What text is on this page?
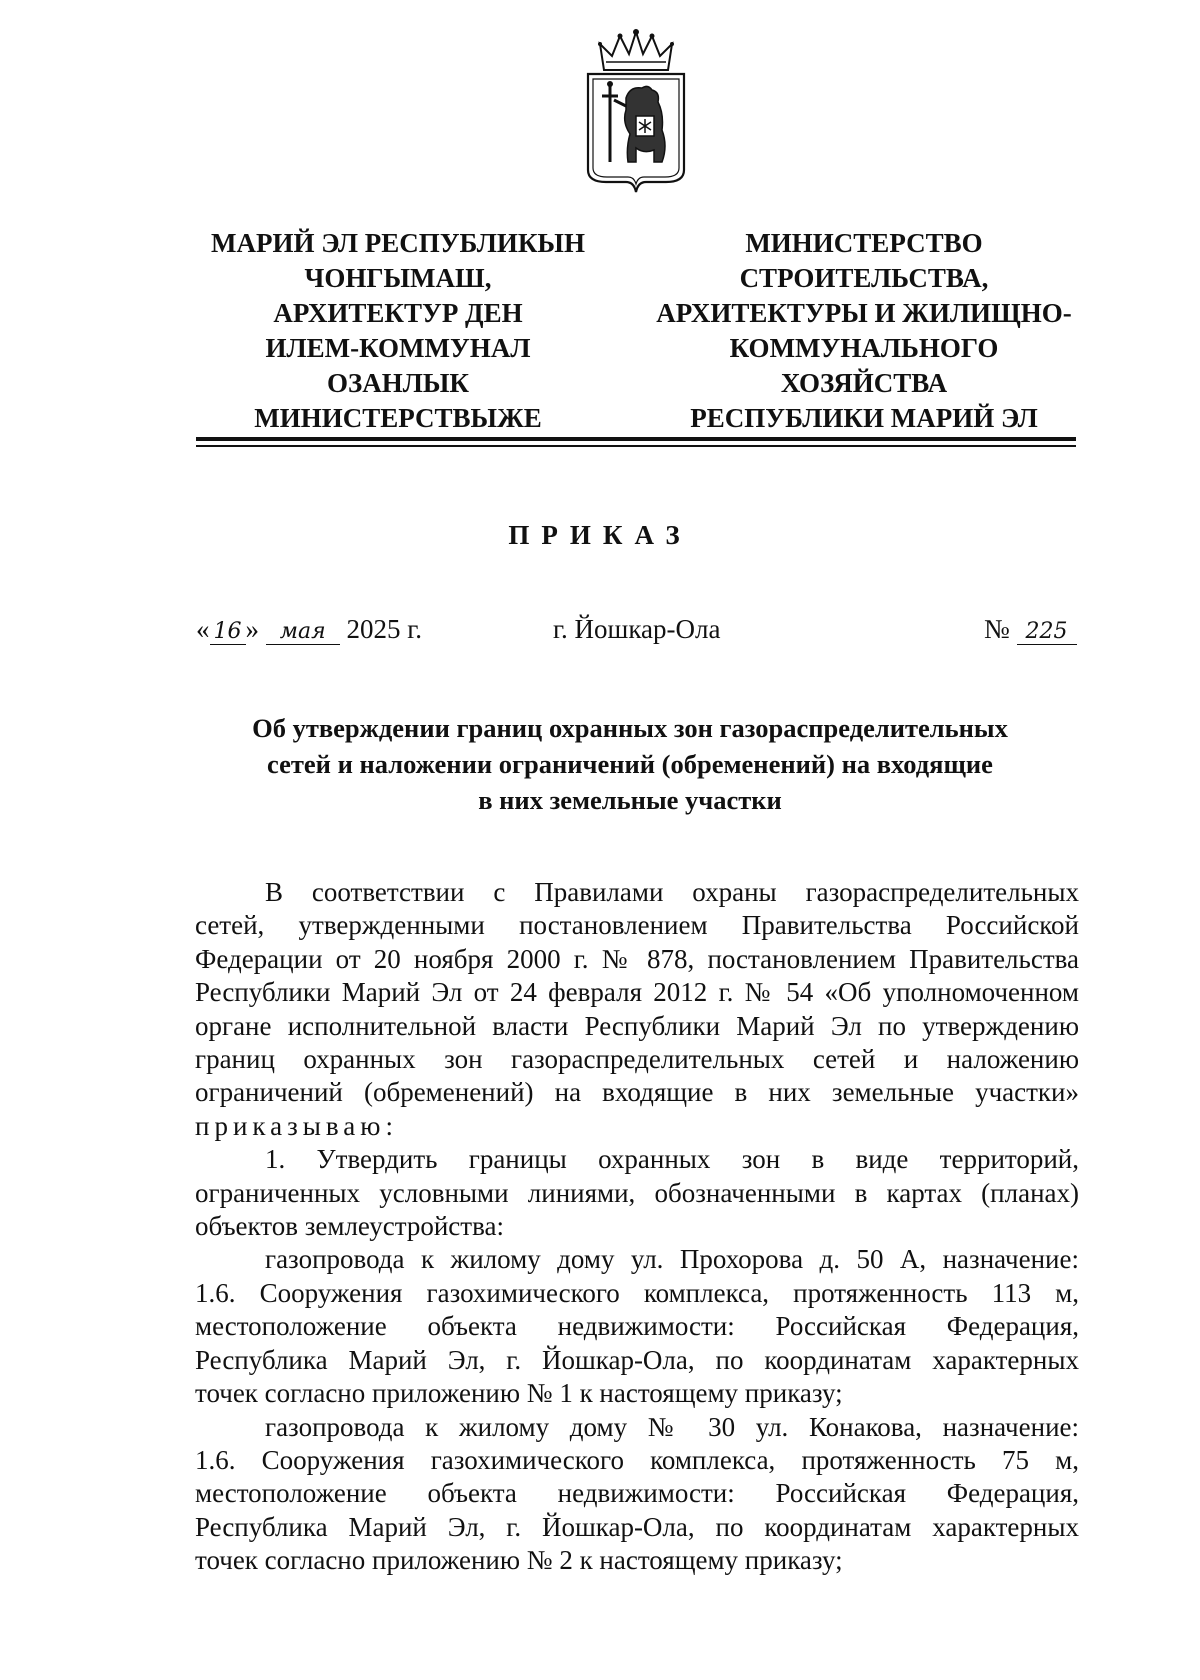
МАРИЙ ЭЛ РЕСПУБЛИКЫН
ЧОНГЫМАШ,
АРХИТЕКТУР ДЕН
ИЛЕМ-КОММУНАЛ
ОЗАНЛЫК
МИНИСТЕРСТВЫЖЕ
МИНИСТЕРСТВО
СТРОИТЕЛЬСТВА,
АРХИТЕКТУРЫ И ЖИЛИЩНО-
КОММУНАЛЬНОГО
ХОЗЯЙСТВА
РЕСПУБЛИКИ МАРИЙ ЭЛ
ПРИКАЗ
« 16 » мая 2025 г.	г. Йошкар-Ола	№ 225
Об утверждении границ охранных зон газораспределительных
сетей и наложении ограничений (обременений) на входящие
в них земельные участки
В соответствии с Правилами охраны газораспределительных
сетей, утвержденными постановлением Правительства Российской
Федерации от 20 ноября 2000 г. № 878, постановлением Правительства
Республики Марий Эл от 24 февраля 2012 г. № 54 «Об уполномоченном
органе исполнительной власти Республики Марий Эл по утверждению
границ охранных зон газораспределительных сетей и наложению
ограничений (обременений) на входящие в них земельные участки»
приказываю:
1. Утвердить границы охранных зон в виде территорий,
ограниченных условными линиями, обозначенными в картах (планах)
объектов землеустройства:
газопровода к жилому дому ул. Прохорова д. 50 А, назначение:
1.6. Сооружения газохимического комплекса, протяженность 113 м,
местоположение объекта недвижимости: Российская Федерация,
Республика Марий Эл, г. Йошкар-Ола, по координатам характерных
точек согласно приложению № 1 к настоящему приказу;
газопровода к жилому дому № 30 ул. Конакова, назначение:
1.6. Сооружения газохимического комплекса, протяженность 75 м,
местоположение объекта недвижимости: Российская Федерация,
Республика Марий Эл, г. Йошкар-Ола, по координатам характерных
точек согласно приложению № 2 к настоящему приказу;
